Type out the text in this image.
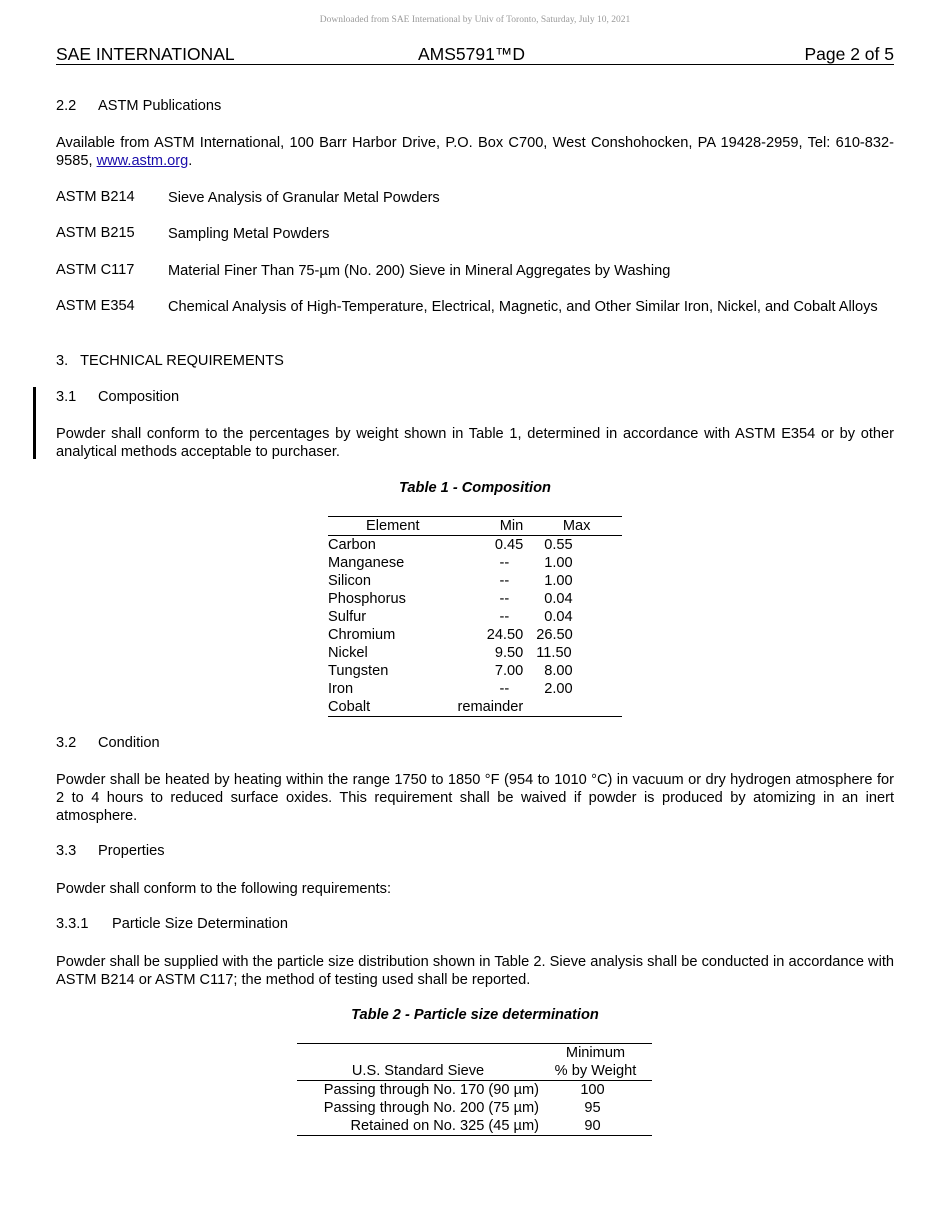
Downloaded from SAE International by Univ of Toronto, Saturday, July 10, 2021
SAE INTERNATIONAL	AMS5791™D	Page 2 of 5
2.2 ASTM Publications
Available from ASTM International, 100 Barr Harbor Drive, P.O. Box C700, West Conshohocken, PA 19428-2959, Tel: 610-832-9585, www.astm.org.
ASTM B214 Sieve Analysis of Granular Metal Powders
ASTM B215 Sampling Metal Powders
ASTM C117 Material Finer Than 75-µm (No. 200) Sieve in Mineral Aggregates by Washing
ASTM E354 Chemical Analysis of High-Temperature, Electrical, Magnetic, and Other Similar Iron, Nickel, and Cobalt Alloys
3.   TECHNICAL REQUIREMENTS
3.1 Composition
Powder shall conform to the percentages by weight shown in Table 1, determined in accordance with ASTM E354 or by other analytical methods acceptable to purchaser.
Table 1 - Composition
Element	Min	Max
Carbon	0.45	0.55
Manganese	--	1.00
Silicon	--	1.00
Phosphorus	--	0.04
Sulfur	--	0.04
Chromium	24.50	26.50
Nickel	9.50	11.50
Tungsten	7.00	8.00
Iron	--	2.00
Cobalt	remainder	
3.2 Condition
Powder shall be heated by heating within the range 1750 to 1850 °F (954 to 1010 °C) in vacuum or dry hydrogen atmosphere for 2 to 4 hours to reduced surface oxides. This requirement shall be waived if powder is produced by atomizing in an inert atmosphere.
3.3 Properties
Powder shall conform to the following requirements:
3.3.1 Particle Size Determination
Powder shall be supplied with the particle size distribution shown in Table 2. Sieve analysis shall be conducted in accordance with ASTM B214 or ASTM C117; the method of testing used shall be reported.
Table 2 - Particle size determination
U.S. Standard Sieve	Minimum
% by Weight

Passing through No. 170 (90 µm)	100
Passing through No. 200 (75 µm)	95
Retained on No. 325 (45 µm)	90
